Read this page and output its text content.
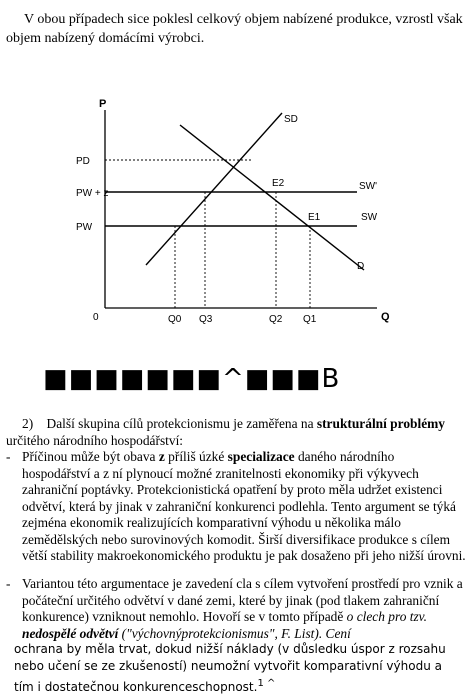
V obou případech sice poklesl celkový objem nabízené produkce, vzrostl však
objem nabízený domácími výrobci.
P
Q
0
PD
PW + z
PW
Q0 Q3	Q2 Q1
SD
SW'
SW
D
E2
E1
■■■■■■■^■■■B
2) Další skupina cílů protekcionismu je zaměřena na strukturální problémy
určitého národního hospodářství:
- Příčinou může být obava z příliš úzké specializace daného národního hospodářství a z ní plynoucí možné zranitelnosti ekonomiky při výkyvech zahraniční poptávky. Protekcionistická opatření by proto měla udržet existenci odvětví, která by jinak v zahraniční konkurenci podlehla. Tento argument se týká zejména ekonomik realizujících komparativní výhodu u několika málo zemědělských nebo surovinových komodit. Širší diversifikace produkce s cílem větší stability makroekonomického produktu je pak dosaženo při jeho nižší úrovni.
- Variantou této argumentace je zavedení cla s cílem vytvoření prostředí pro vznik a počáteční určitého odvětví v dané zemi, které by jinak (pod tlakem zahraniční konkurence) vzniknout nemohlo. Hovoří se v tomto případě o clech pro tzv. nedospělé odvětví ("výchovnýprotekcionismus", F. List). Cení
ochrana by měla trvat, dokud nižší náklady (v důsledku úspor z rozsahu nebo učení se ze zkušeností) neumožní vytvořit komparativní výhodu a tím i dostatečnou konkurenceschopnost.$^{1 \^{}}$
